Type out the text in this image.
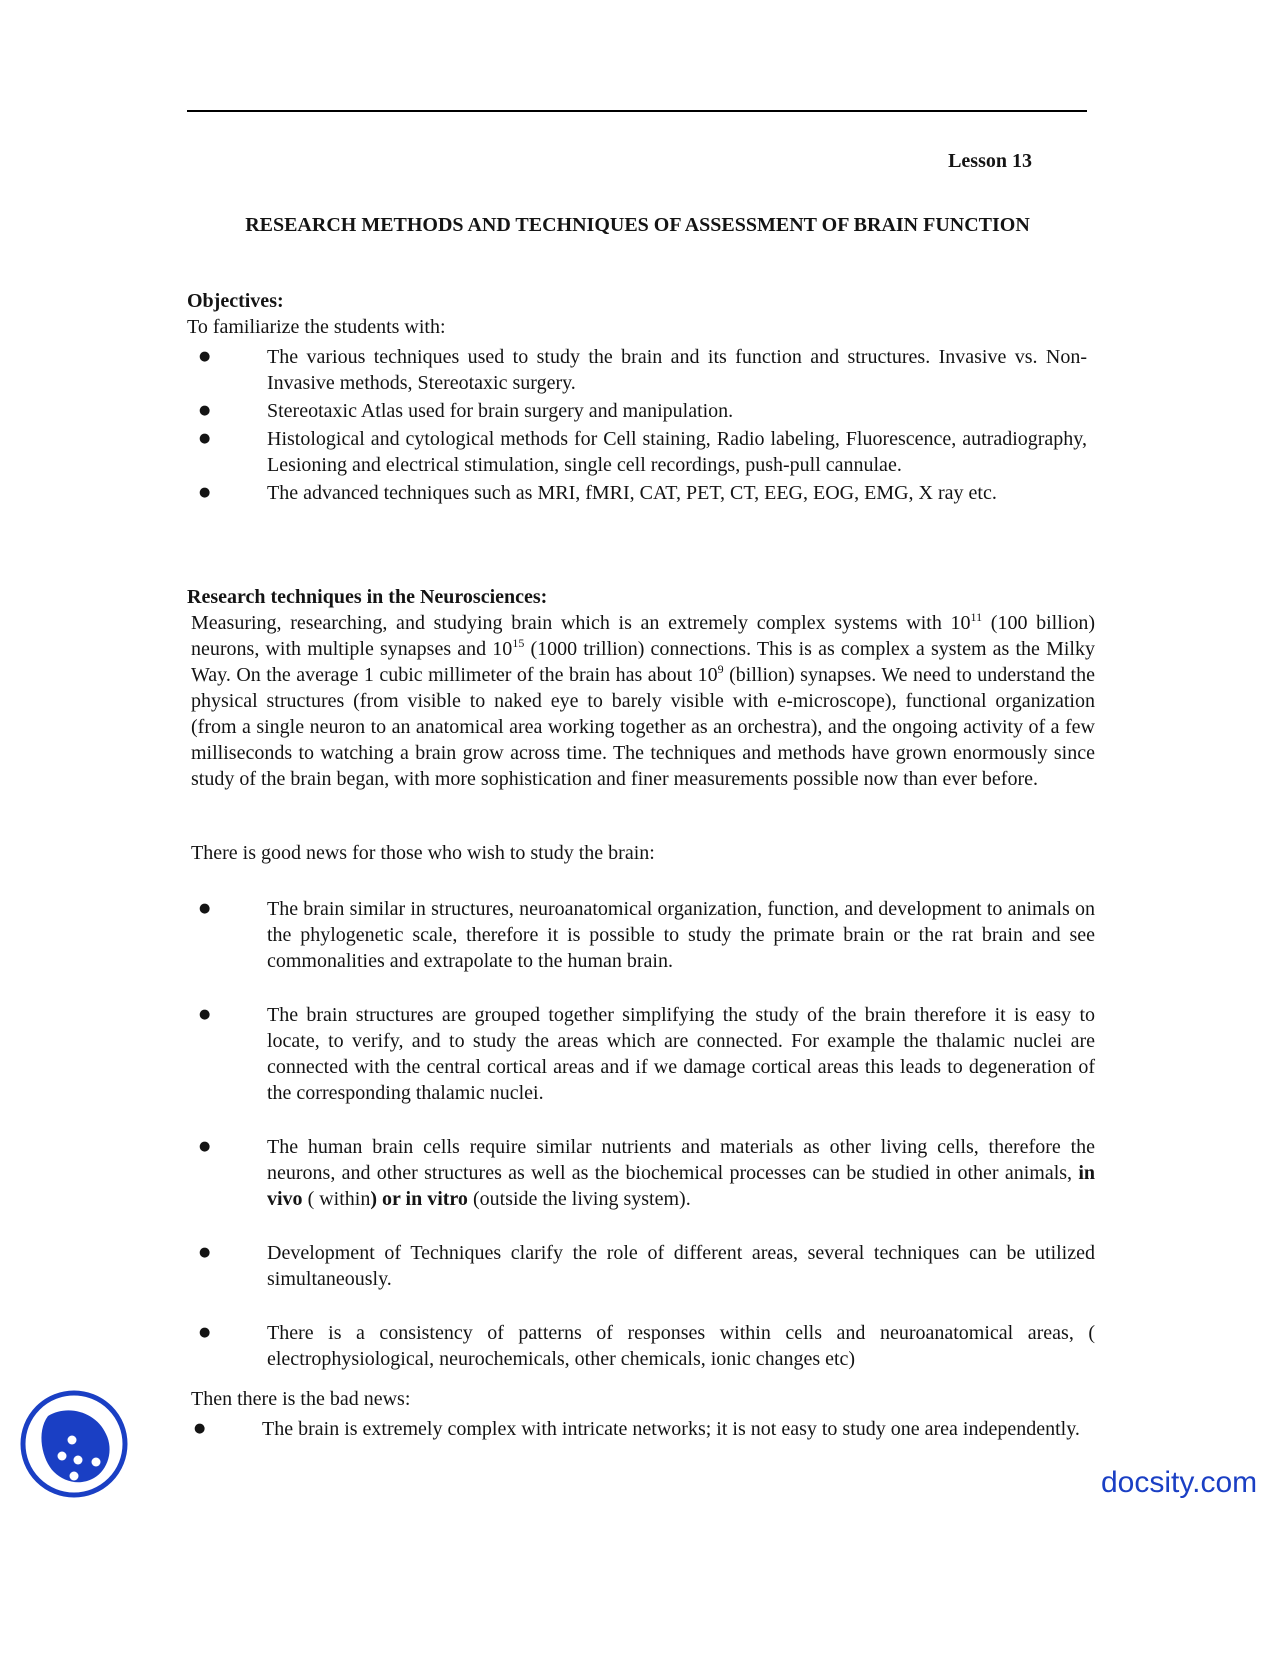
Lesson 13
RESEARCH METHODS AND TECHNIQUES OF ASSESSMENT OF BRAIN FUNCTION
Objectives:
To familiarize the students with:
● The various techniques used to study the brain and its function and structures. Invasive vs. Non- Invasive methods, Stereotaxic surgery.
● Stereotaxic Atlas used for brain surgery and manipulation.
● Histological and cytological methods for Cell staining, Radio labeling, Fluorescence, autradiography, Lesioning and electrical stimulation, single cell recordings, push-pull cannulae.
● The advanced techniques such as MRI, fMRI, CAT, PET, CT, EEG, EOG, EMG, X ray etc.
Research techniques in the Neurosciences:
Measuring, researching, and studying brain which is an extremely complex systems with $10^{11}$ (100 billion) neurons, with multiple synapses and $10^{15}$ (1000 trillion) connections. This is as complex a system as the Milky Way. On the average 1 cubic millimeter of the brain has about $10^9$ (billion) synapses. We need to understand the physical structures (from visible to naked eye to barely visible with e-microscope), functional organization (from a single neuron to an anatomical area working together as an orchestra), and the ongoing activity of a few milliseconds to watching a brain grow across time. The techniques and methods have grown enormously since study of the brain began, with more sophistication and finer measurements possible now than ever before.
There is good news for those who wish to study the brain:
● The brain similar in structures, neuroanatomical organization, function, and development to animals on the phylogenetic scale, therefore it is possible to study the primate brain or the rat brain and see commonalities and extrapolate to the human brain.
● The brain structures are grouped together simplifying the study of the brain therefore it is easy to locate, to verify, and to study the areas which are connected. For example the thalamic nuclei are connected with the central cortical areas and if we damage cortical areas this leads to degeneration of the corresponding thalamic nuclei.
● The human brain cells require similar nutrients and materials as other living cells, therefore the neurons, and other structures as well as the biochemical processes can be studied in other animals, in vivo ( within) or in vitro (outside the living system).
● Development of Techniques clarify the role of different areas, several techniques can be utilized simultaneously.
● There is a consistency of patterns of responses within cells and neuroanatomical areas, ( electrophysiological, neurochemicals, other chemicals, ionic changes etc)
Then there is the bad news:
● The brain is extremely complex with intricate networks; it is not easy to study one area independently.
docsity.com
